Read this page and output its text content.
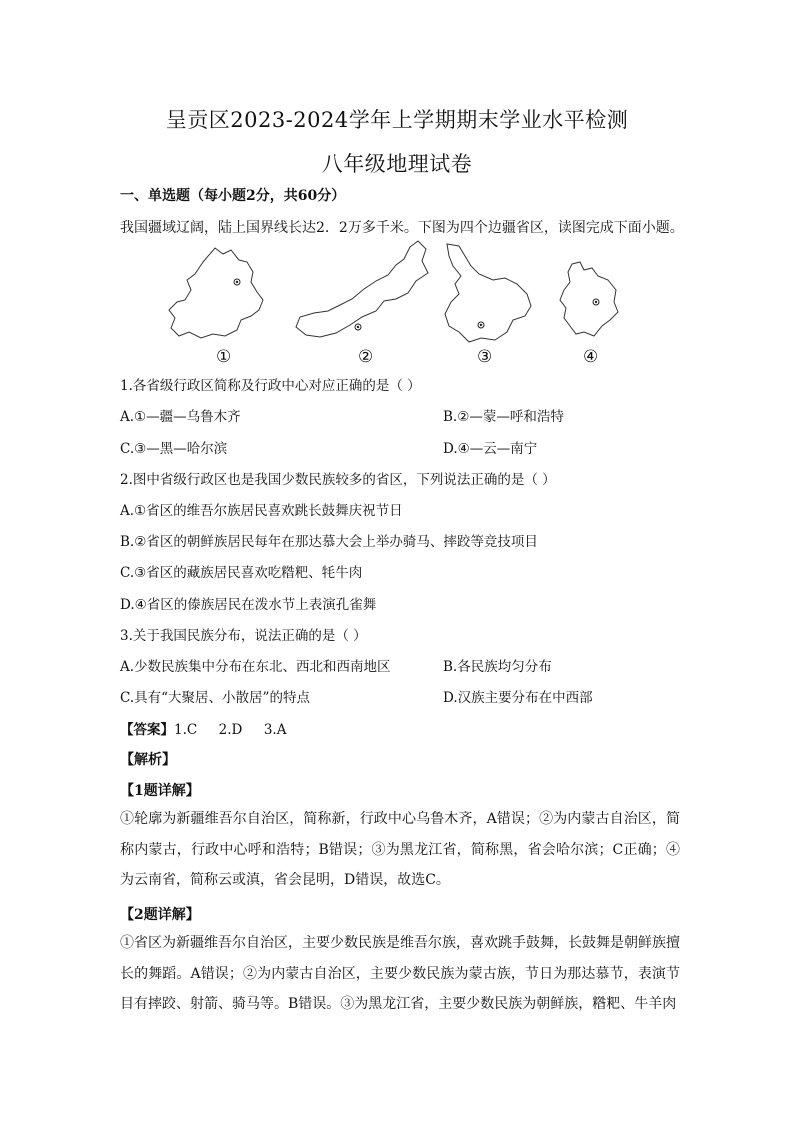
呈贡区2023-2024学年上学期期末学业水平检测
八年级地理试卷
一、单选题（每小题2分，共60分）
我国疆域辽阔，陆上国界线长达2．2万多千米。下图为四个边疆省区，读图完成下面小题。
①	②	③	④
1.各省级行政区简称及行政中心对应正确的是（ ）
A.①—疆—乌鲁木齐	B.②—蒙—呼和浩特
C.③—黑—哈尔滨	D.④—云—南宁
2.图中省级行政区也是我国少数民族较多的省区，下列说法正确的是（ ）
A.①省区的维吾尔族居民喜欢跳长鼓舞庆祝节日
B.②省区的朝鲜族居民每年在那达慕大会上举办骑马、摔跤等竞技项目
C.③省区的藏族居民喜欢吃糌粑、牦牛肉
D.④省区的傣族居民在泼水节上表演孔雀舞
3.关于我国民族分布，说法正确的是（ ）
A.少数民族集中分布在东北、西北和西南地区	B.各民族均匀分布
C.具有“大聚居、小散居”的特点	D.汉族主要分布在中西部
【答案】1.C     2.D     3.A
【解析】
【1题详解】
①轮廓为新疆维吾尔自治区，简称新，行政中心乌鲁木齐，A错误；②为内蒙古自治区，简称内蒙古，行政中心呼和浩特；B错误；③为黑龙江省，简称黑，省会哈尔滨；C正确；④为云南省，简称云或滇，省会昆明，D错误，故选C。
【2题详解】
①省区为新疆维吾尔自治区，主要少数民族是维吾尔族，喜欢跳手鼓舞，长鼓舞是朝鲜族擅长的舞蹈。A错误；②为内蒙古自治区，主要少数民族为蒙古族，节日为那达慕节，表演节目有摔跤、射箭、骑马等。B错误。③为黑龙江省，主要少数民族为朝鲜族，糌粑、牛羊肉
